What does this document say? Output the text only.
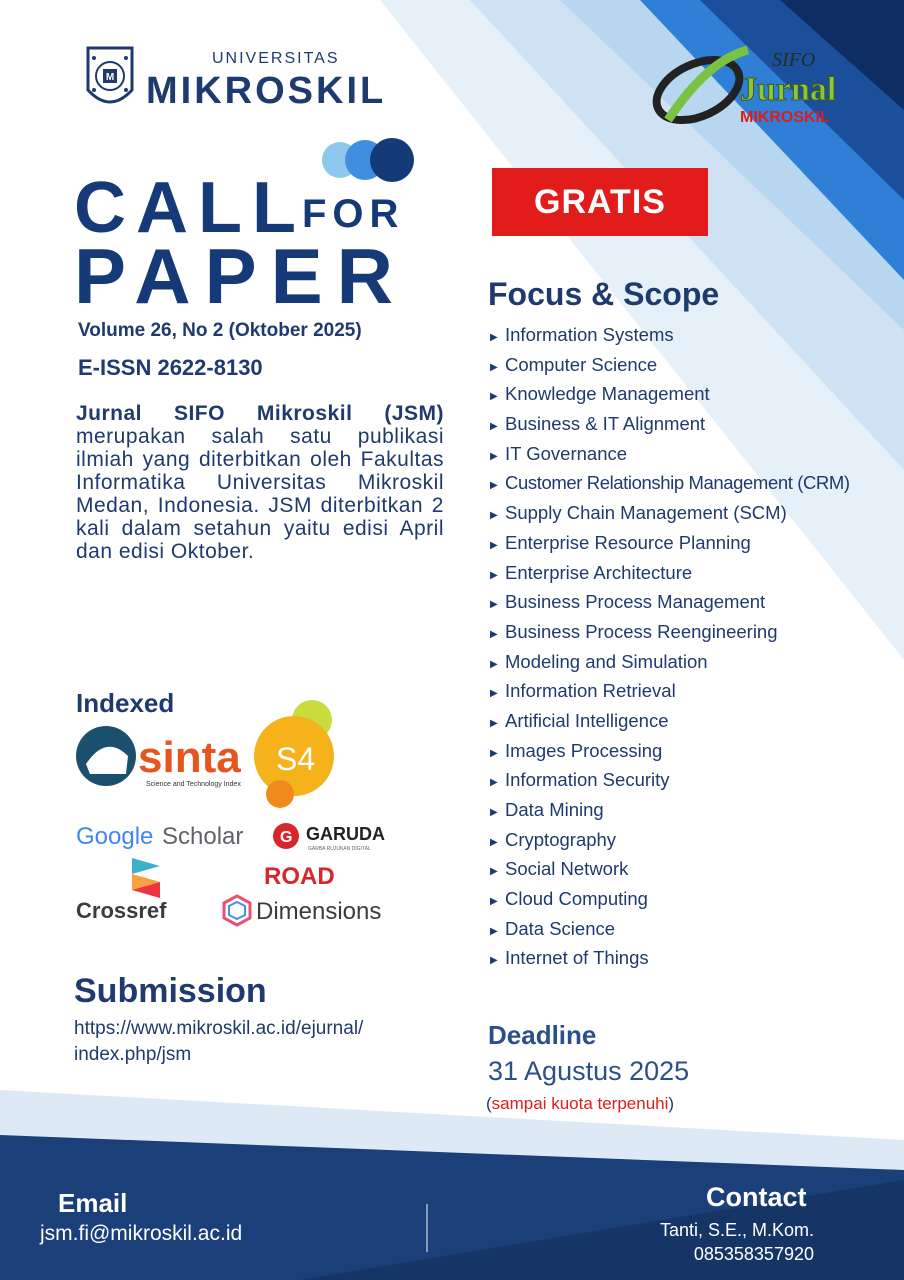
M
UNIVERSITAS
MIKROSKIL
SIFO
Jurnal
MIKROSKIL
CALL
FOR
PAPER
Volume 26, No 2 (Oktober 2025)
E-ISSN 2622-8130
Jurnal SIFO Mikroskil (JSM) merupakan salah satu publikasi ilmiah yang diterbitkan oleh Fakultas Informatika Universitas Mikroskil Medan, Indonesia. JSM diterbitkan 2 kali dalam setahun yaitu edisi April dan edisi Oktober.
Indexed
sinta
Science and Technology Index
S4
Google Scholar G GARUDA
GARBA RUJUKAN DIGITAL
ROAD
Crossref	Dimensions
Submission
https://www.mikroskil.ac.id/ejurnal/
index.php/jsm
GRATIS
Focus & Scope
▶ Information Systems
▶ Computer Science
▶ Knowledge Management
▶ Business & IT Alignment
▶ IT Governance
▶ Customer Relationship Management (CRM)
▶ Supply Chain Management (SCM)
▶ Enterprise Resource Planning
▶ Enterprise Architecture
▶ Business Process Management
▶ Business Process Reengineering
▶ Modeling and Simulation
▶ Information Retrieval
▶ Artificial Intelligence
▶ Images Processing
▶ Information Security
▶ Data Mining
▶ Cryptography
▶ Social Network
▶ Cloud Computing
▶ Data Science
▶ Internet of Things
Deadline
31 Agustus 2025
(sampai kuota terpenuhi)
Email
jsm.fi@mikroskil.ac.id
Contact
Tanti, S.E., M.Kom.
085358357920
